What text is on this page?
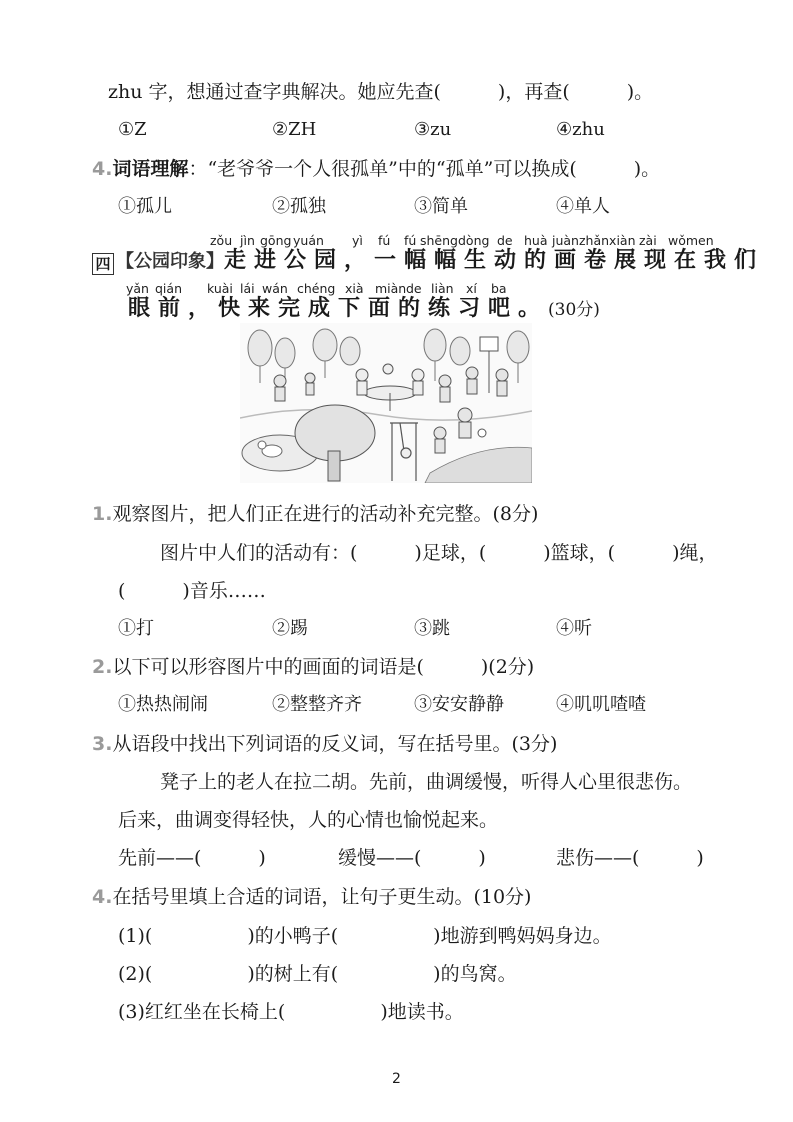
zhu 字，想通过查字典解决。她应先查(　　　)，再查(　　　)。
①Z	②ZH	③zu	④zhu
4.词语理解：“老爷爷一个人很孤单”中的“孤单”可以换成(　　　)。
①孤儿	②孤独	③简单	④单人
zǒu jìn gōng yuán yì fú fú shēngdòng de huà juànzhǎnxiàn zài wǒmen
四 【公园印象】走进公园，一幅幅生动的画卷展现在我们
yǎn qián kuài lái wán chéng xià miàn de liàn xí ba
眼前，快来完成下面的练习吧。(30分)
1.观察图片，把人们正在进行的活动补充完整。(8分)
图片中人们的活动有：(　　　)足球，(　　　)篮球，(　　　)绳，
(　　　)音乐……
①打	②踢	③跳	④听
2.以下可以形容图片中的画面的词语是(　　　)(2分)
①热热闹闹	②整整齐齐	③安安静静	④叽叽喳喳
3.从语段中找出下列词语的反义词，写在括号里。(3分)
凳子上的老人在拉二胡。先前，曲调缓慢，听得人心里很悲伤。
后来，曲调变得轻快，人的心情也愉悦起来。
先前——(　　　)	缓慢——(　　　)	悲伤——(　　　)
4.在括号里填上合适的词语，让句子更生动。(10分)
(1)(　　　　　)的小鸭子(　　　　　)地游到鸭妈妈身边。
(2)(　　　　　)的树上有(　　　　　)的鸟窝。
(3)红红坐在长椅上(　　　　　)地读书。
2
